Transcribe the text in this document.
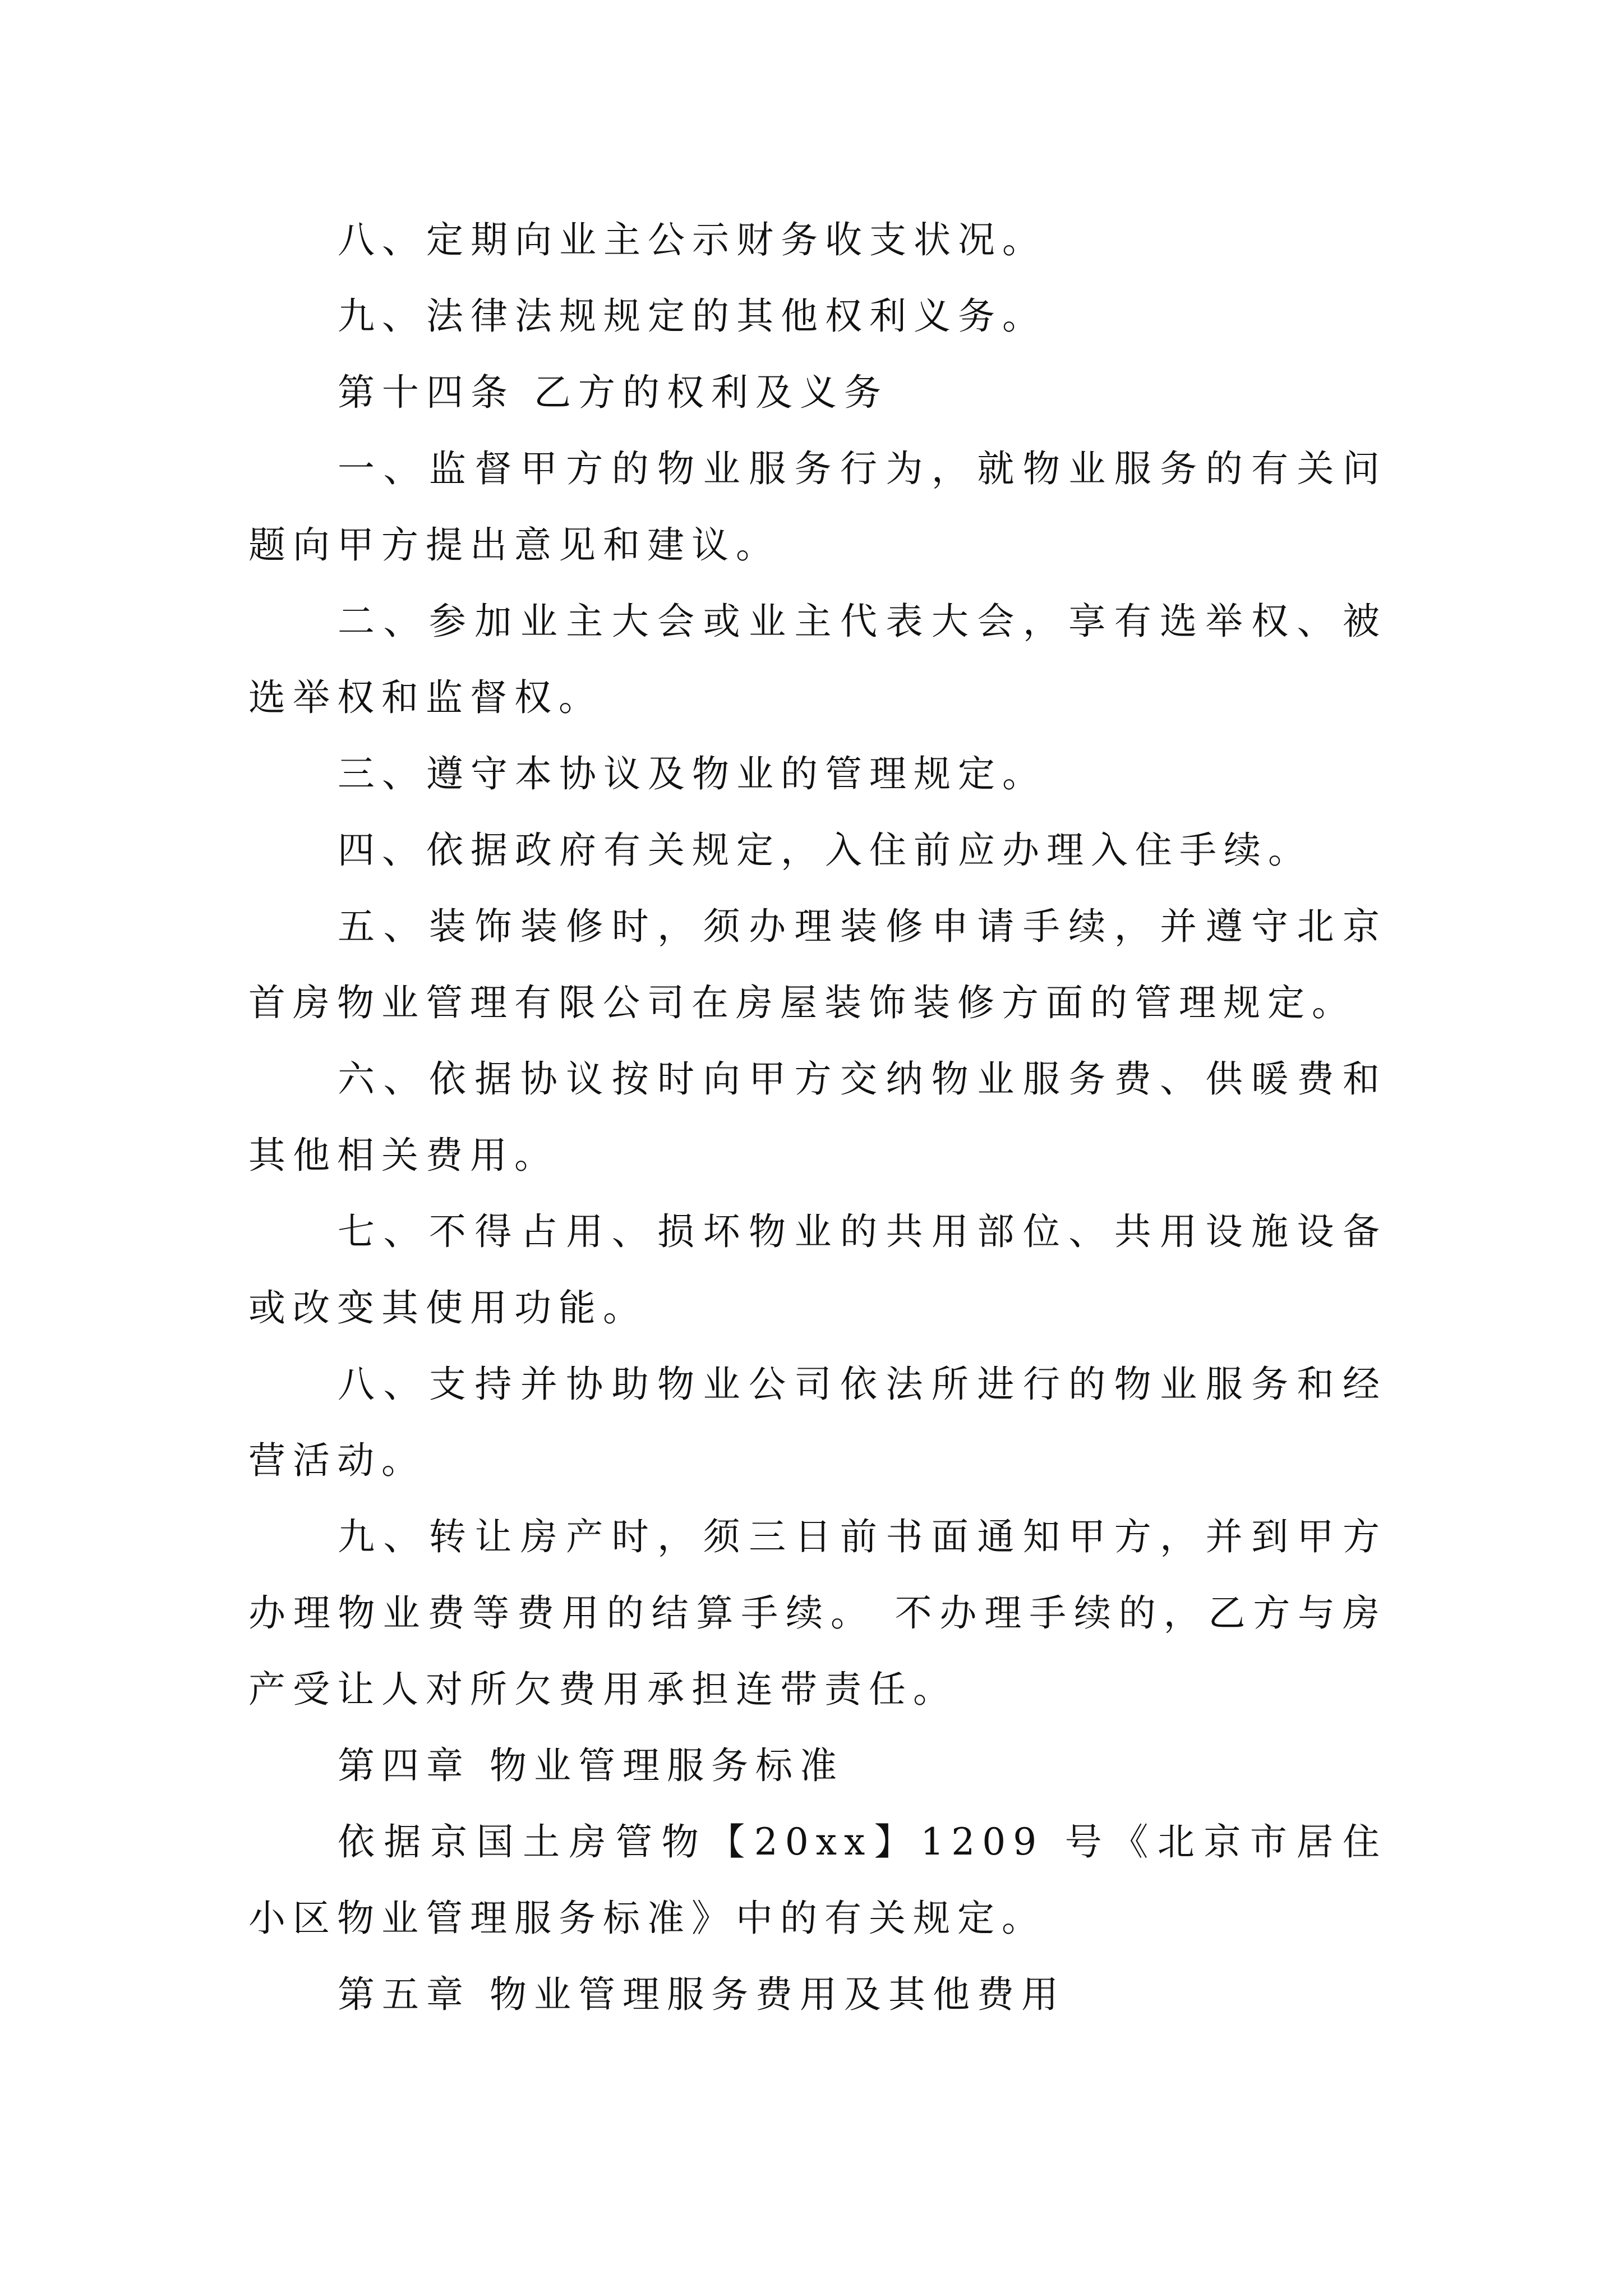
八、定期向业主公示财务收支状况。

九、法律法规规定的其他权利义务。

第十四条 乙方的权利及义务

一、监督甲方的物业服务行为，就物业服务的有关问题向甲方提出意见和建议。

二、参加业主大会或业主代表大会，享有选举权、被选举权和监督权。

三、遵守本协议及物业的管理规定。

四、依据政府有关规定，入住前应办理入住手续。

五、装饰装修时，须办理装修申请手续，并遵守北京首房物业管理有限公司在房屋装饰装修方面的管理规定。

六、依据协议按时向甲方交纳物业服务费、供暖费和其他相关费用。

七、不得占用、损坏物业的共用部位、共用设施设备或改变其使用功能。

八、支持并协助物业公司依法所进行的物业服务和经营活动。

九、转让房产时，须三日前书面通知甲方，并到甲方办理物业费等费用的结算手续。 不办理手续的，乙方与房产受让人对所欠费用承担连带责任。

第四章 物业管理服务标准

依据京国土房管物【20xx】1209 号《北京市居住小区物业管理服务标准》中的有关规定。

第五章 物业管理服务费用及其他费用
